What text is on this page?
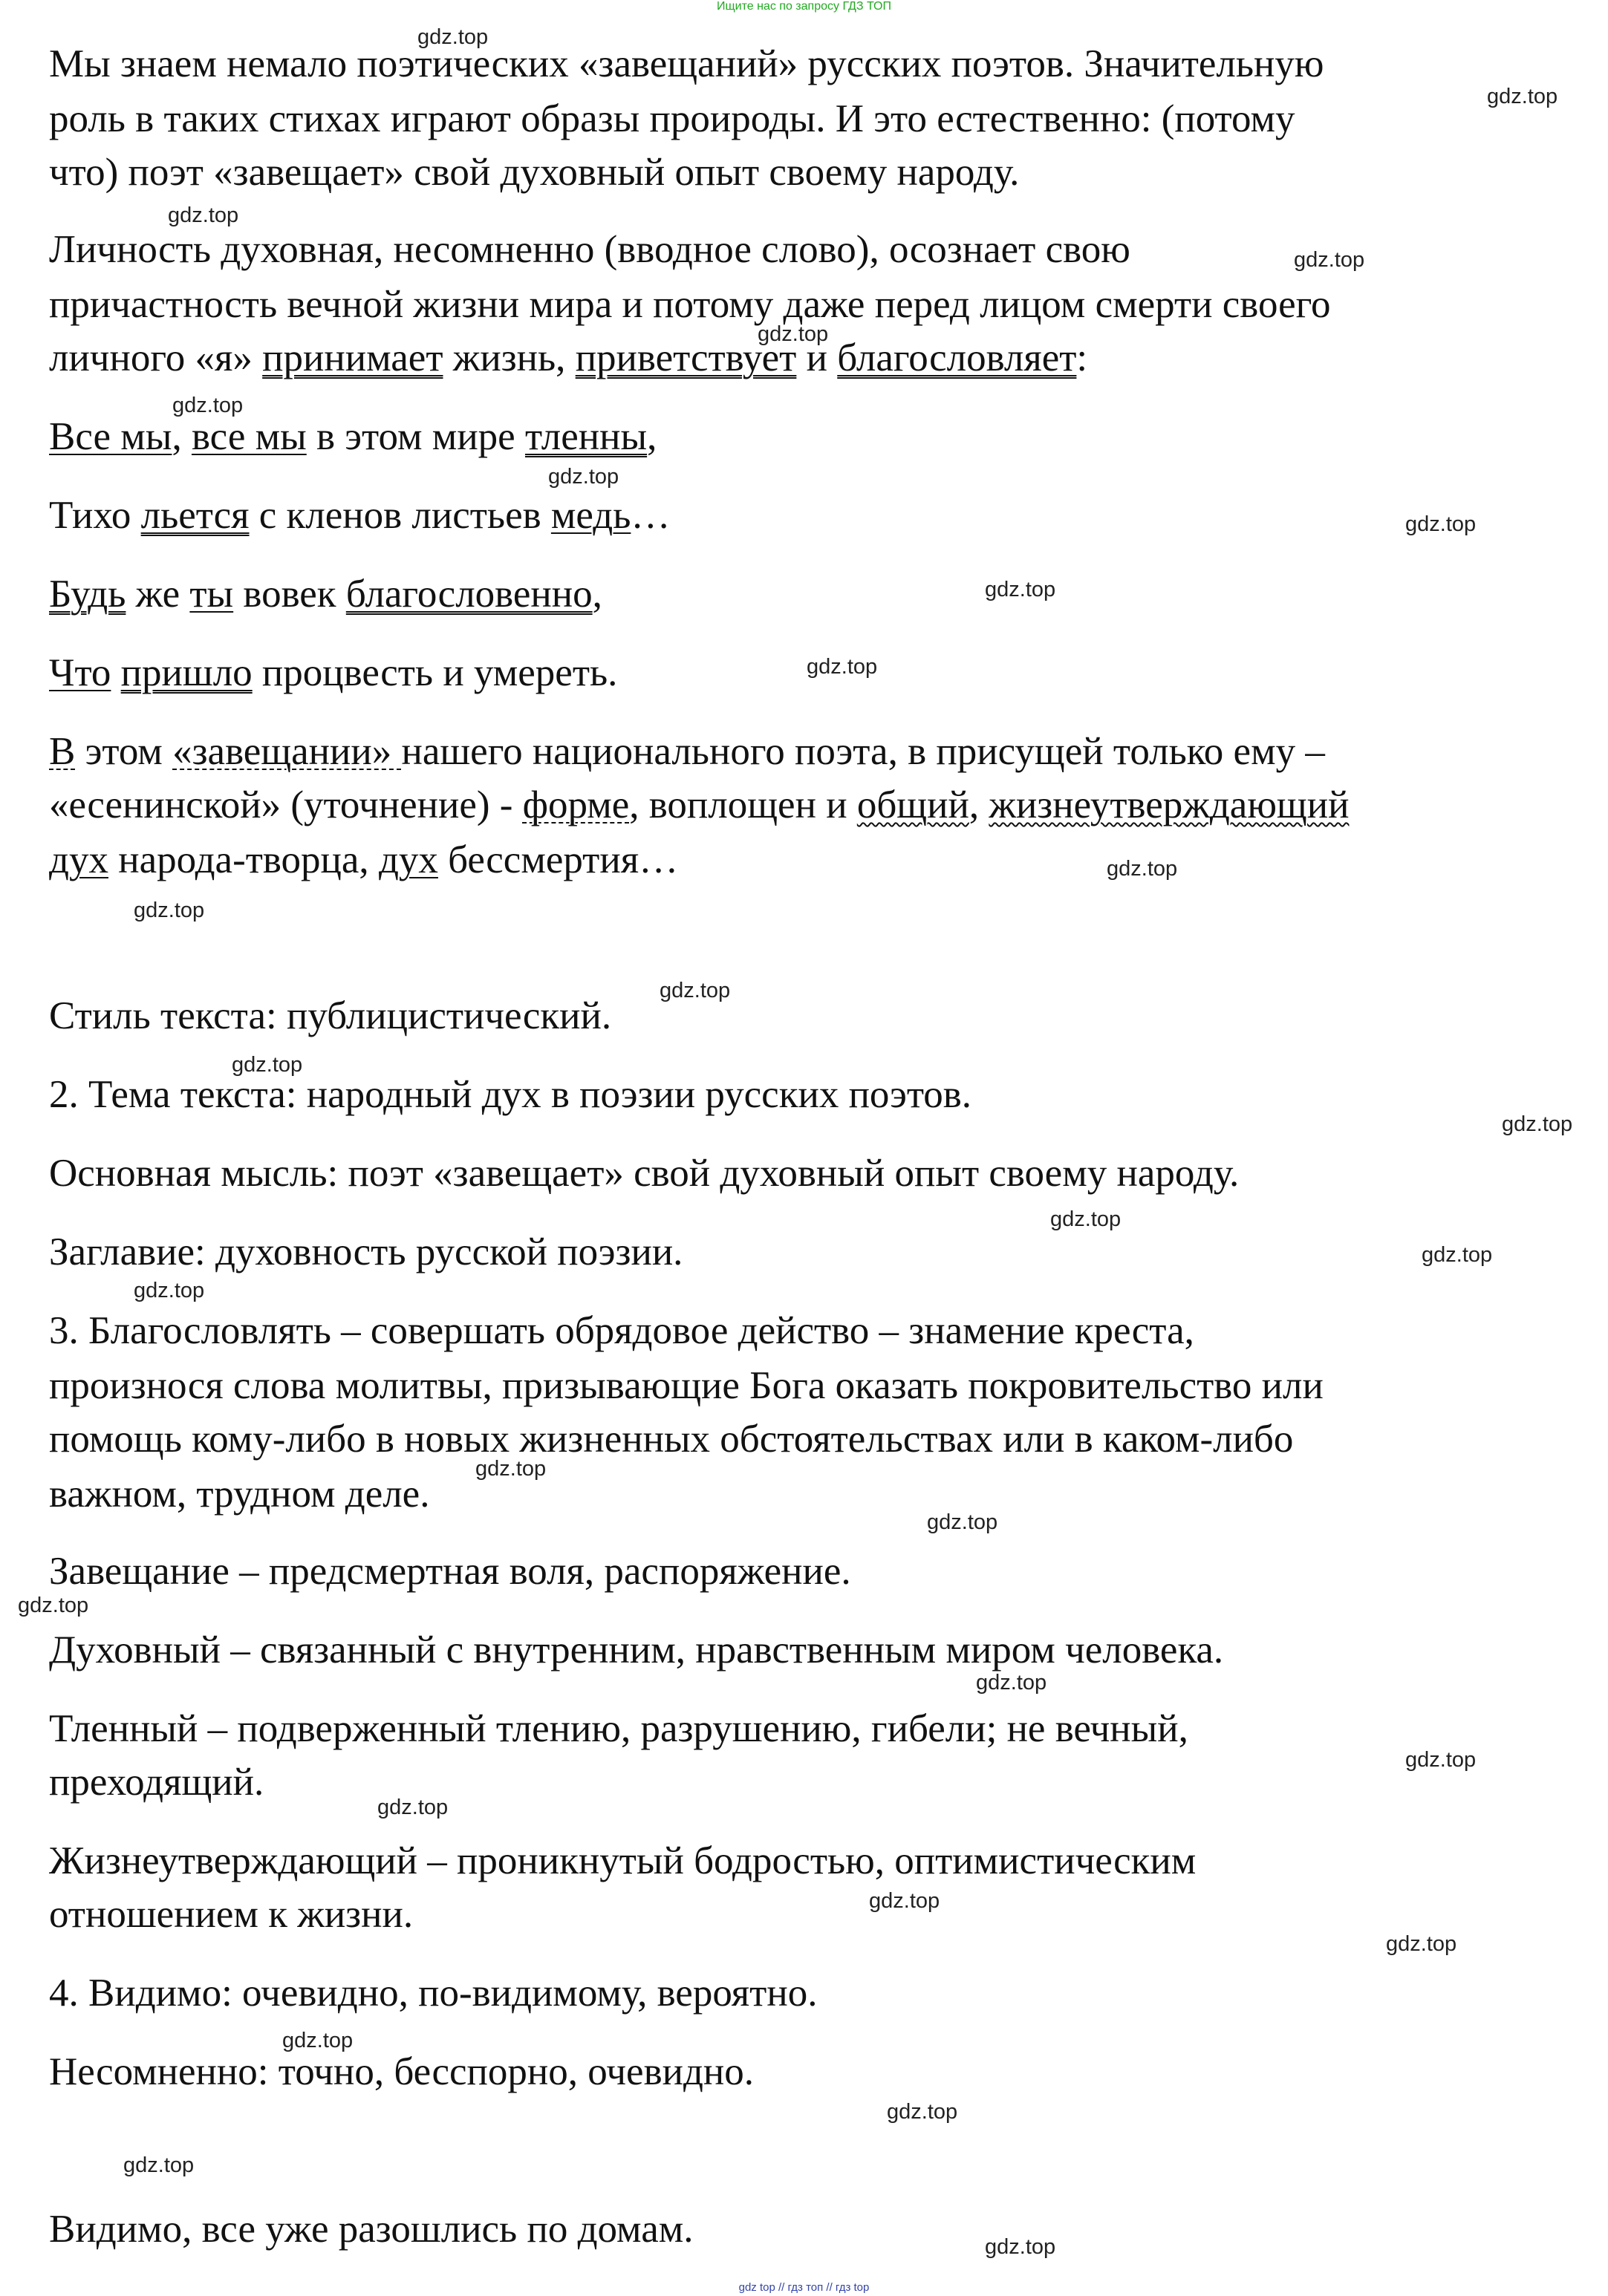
Ищите нас по запросу ГДЗ ТОП
Мы знаем немало поэтических «завещаний» русских поэтов. Значительную
роль в таких стихах играют образы проироды. И это естественно: (потому
что) поэт «завещает» свой духовный опыт своему народу.
Личность духовная, несомненно (вводное слово), осознает свою
причастность вечной жизни мира и потому даже перед лицом смерти своего
личного «я» принимает жизнь, приветствует и благословляет:
Все мы, все мы в этом мире тленны,
Тихо льется с кленов листьев медь…
Будь же ты вовек благословенно,
Что пришло процвесть и умереть.
В этом «завещании» нашего национального поэта, в присущей только ему –
«есенинской» (уточнение) - форме, воплощен и общий, жизнеутверждающий
дух народа-творца, дух бессмертия…
Стиль текста: публицистический.
2. Тема текста: народный дух в поэзии русских поэтов.
Основная мысль: поэт «завещает» свой духовный опыт своему народу.
Заглавие: духовность русской поэзии.
3. Благословлять – совершать обрядовое действо – знамение креста,
произнося слова молитвы, призывающие Бога оказать покровительство или
помощь кому-либо в новых жизненных обстоятельствах или в каком-либо
важном, трудном деле.
Завещание – предсмертная воля, распоряжение.
Духовный – связанный с внутренним, нравственным миром человека.
Тленный – подверженный тлению, разрушению, гибели; не вечный,
преходящий.
Жизнеутверждающий – проникнутый бодростью, оптимистическим
отношением к жизни.
4. Видимо: очевидно, по-видимому, вероятно.
Несомненно: точно, бесспорно, очевидно.
Видимо, все уже разошлись по домам.
gdz.top
gdz.top
gdz.top
gdz.top
gdz.top
gdz.top
gdz.top
gdz.top
gdz.top
gdz.top
gdz.top
gdz.top
gdz.top
gdz.top
gdz.top
gdz.top
gdz.top
gdz.top
gdz.top
gdz.top
gdz.top
gdz.top
gdz.top
gdz.top
gdz.top
gdz.top
gdz.top
gdz.top
gdz.top
gdz.top
gdz top // гдз топ // гдз top
